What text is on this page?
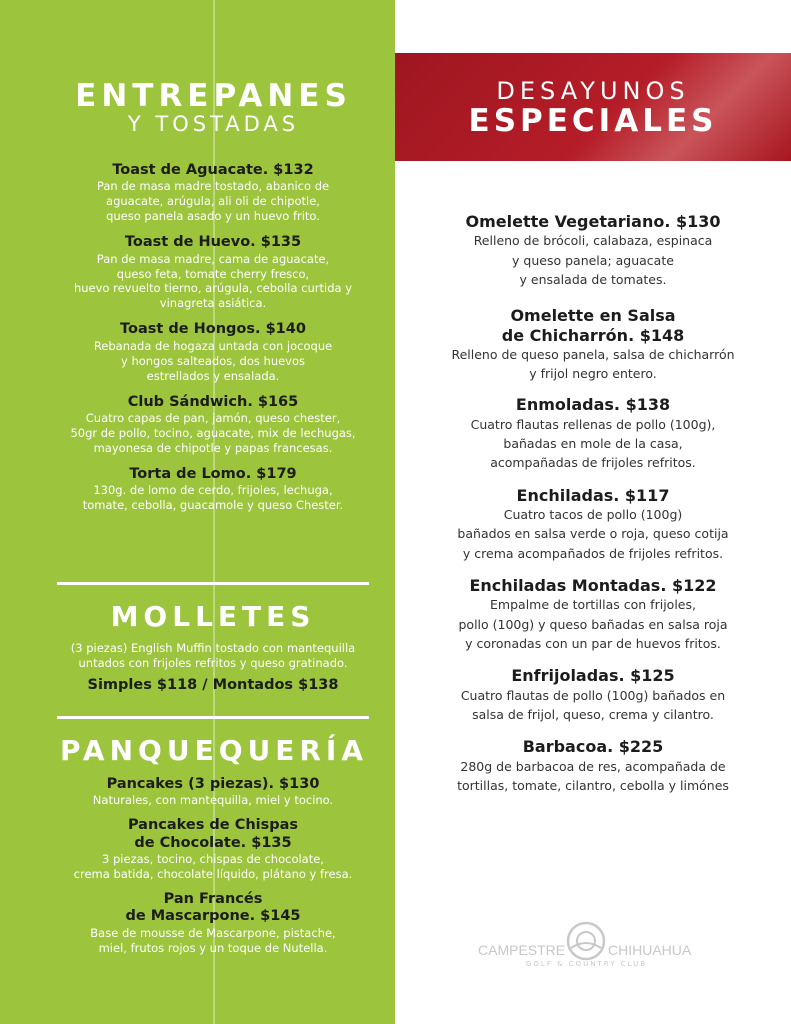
ENTREPANES
Y TOSTADAS

Toast de Aguacate. $132

Pan de masa madre tostado, abanico de
aguacate, arúgula, ali oli de chipotle,
queso panela asado y un huevo frito.

Toast de Huevo. $135

Pan de masa madre, cama de aguacate,
queso feta, tomate cherry fresco,
huevo revuelto tierno, arúgula, cebolla curtida y
vinagreta asiática.

Toast de Hongos. $140

Rebanada de hogaza untada con jocoque
y hongos salteados, dos huevos
estrellados y ensalada.

Club Sándwich. $165

Cuatro capas de pan, jamón, queso chester,
50gr de pollo, tocino, aguacate, mix de lechugas,
mayonesa de chipotle y papas francesas.

Torta de Lomo. $179

130g. de lomo de cerdo, frijoles, lechuga,
tomate, cebolla, guacamole y queso Chester.

MOLLETES

(3 piezas) English Muffin tostado con mantequilla
untados con frijoles refritos y queso gratinado.

Simples $118 / Montados $138

PANQUEQUERÍA

Pancakes (3 piezas). $130

Naturales, con mantequilla, miel y tocino.

Pancakes de Chispas
de Chocolate. $135

3 piezas, tocino, chispas de chocolate,
crema batida, chocolate líquido, plátano y fresa.

Pan Francés
de Mascarpone. $145

Base de mousse de Mascarpone, pistache,
miel, frutos rojos y un toque de Nutella.

DESAYUNOS
ESPECIALES

Omelette Vegetariano. $130

Relleno de brócoli, calabaza, espinaca
y queso panela; aguacate
y ensalada de tomates.

Omelette en Salsa
de Chicharrón. $148

Relleno de queso panela, salsa de chicharrón
y frijol negro entero.

Enmoladas. $138

Cuatro flautas rellenas de pollo (100g),
bañadas en mole de la casa,
acompañadas de frijoles refritos.

Enchiladas. $117

Cuatro tacos de pollo (100g)
bañados en salsa verde o roja, queso cotija
y crema acompañados de frijoles refritos.

Enchiladas Montadas. $122

Empalme de tortillas con frijoles,
pollo (100g) y queso bañadas en salsa roja
y coronadas con un par de huevos fritos.

Enfrijoladas. $125

Cuatro flautas de pollo (100g) bañados en
salsa de frijol, queso, crema y cilantro.

Barbacoa. $225

280g de barbacoa de res, acompañada de
tortillas, tomate, cilantro, cebolla y limónes

CAMPESTRE	CHIHUAHUA
GOLF & COUNTRY CLUB
